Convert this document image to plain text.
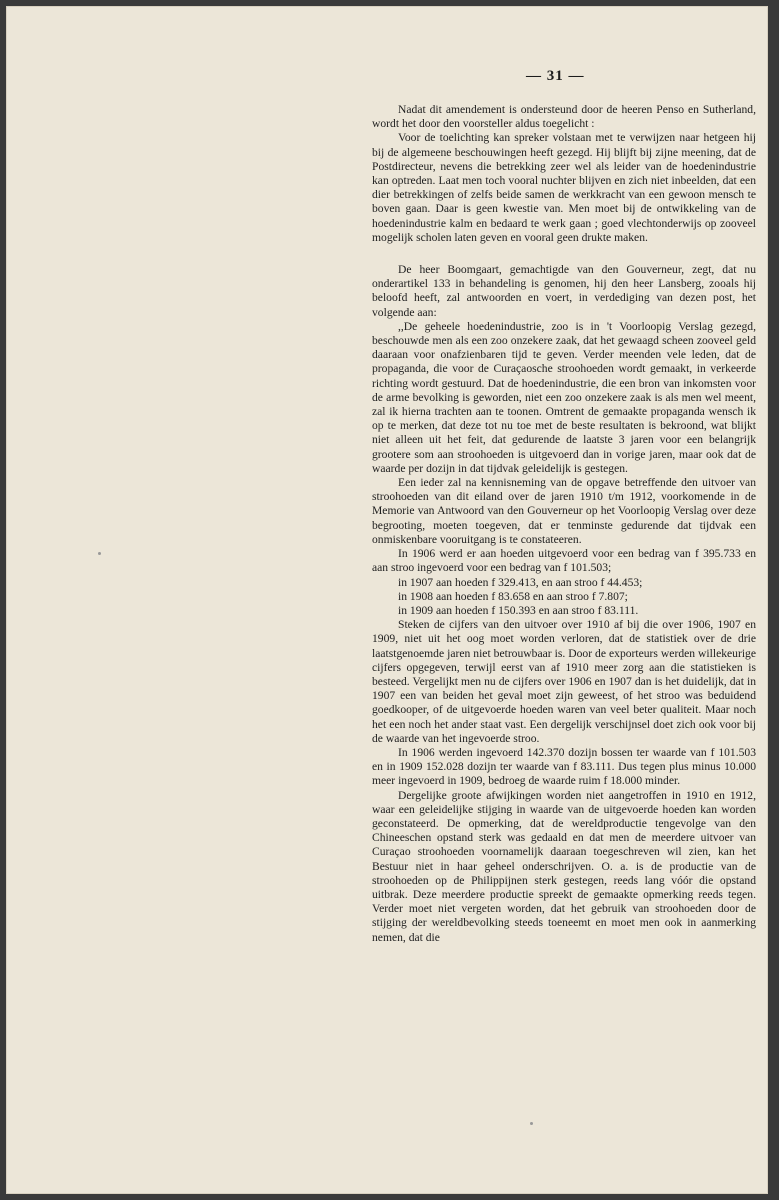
— 31 —

Nadat dit amendement is ondersteund door de heeren Penso en Sutherland, wordt het door den voorsteller aldus toegelicht :

Voor de toelichting kan spreker volstaan met te verwijzen naar hetgeen hij bij de algemeene beschouwingen heeft gezegd. Hij blijft bij zijne meening, dat de Postdirecteur, nevens die betrekking zeer wel als leider van de hoedenindustrie kan optreden. Laat men toch vooral nuchter blijven en zich niet inbeelden, dat een dier betrekkingen of zelfs beide samen de werkkracht van een gewoon mensch te boven gaan. Daar is geen kwestie van. Men moet bij de ontwikkeling van de hoedenindustrie kalm en bedaard te werk gaan ; goed vlechtonderwijs op zooveel mogelijk scholen laten geven en vooral geen drukte maken.

De heer Boomgaart, gemachtigde van den Gouverneur, zegt, dat nu onderartikel 133 in behandeling is genomen, hij den heer Lansberg, zooals hij beloofd heeft, zal antwoorden en voert, in verdediging van dezen post, het volgende aan:

,,De geheele hoedenindustrie, zoo is in 't Voorloopig Verslag gezegd, beschouwde men als een zoo onzekere zaak, dat het gewaagd scheen zooveel geld daaraan voor onafzienbaren tijd te geven. Verder meenden vele leden, dat de propaganda, die voor de Curaçaosche stroohoeden wordt gemaakt, in verkeerde richting wordt gestuurd. Dat de hoedenindustrie, die een bron van inkomsten voor de arme bevolking is geworden, niet een zoo onzekere zaak is als men wel meent, zal ik hierna trachten aan te toonen. Omtrent de gemaakte propaganda wensch ik op te merken, dat deze tot nu toe met de beste resultaten is bekroond, wat blijkt niet alleen uit het feit, dat gedurende de laatste 3 jaren voor een belangrijk grootere som aan stroohoeden is uitgevoerd dan in vorige jaren, maar ook dat de waarde per dozijn in dat tijdvak geleidelijk is gestegen.

Een ieder zal na kennisneming van de opgave betreffende den uitvoer van stroohoeden van dit eiland over de jaren 1910 t/m 1912, voorkomende in de Memorie van Antwoord van den Gouverneur op het Voorloopig Verslag over deze begrooting, moeten toegeven, dat er tenminste gedurende dat tijdvak een onmiskenbare vooruitgang is te constateeren.

In 1906 werd er aan hoeden uitgevoerd voor een bedrag van f 395.733 en aan stroo ingevoerd voor een bedrag van f 101.503;

in 1907 aan hoeden f 329.413, en aan stroo f 44.453;

in 1908 aan hoeden f 83.658 en aan stroo f 7.807;

in 1909 aan hoeden f 150.393 en aan stroo f 83.111.

Steken de cijfers van den uitvoer over 1910 af bij die over 1906, 1907 en 1909, niet uit het oog moet worden verloren, dat de statistiek over de drie laatstgenoemde jaren niet betrouwbaar is. Door de exporteurs werden willekeurige cijfers opgegeven, terwijl eerst van af 1910 meer zorg aan die statistieken is besteed. Vergelijkt men nu de cijfers over 1906 en 1907 dan is het duidelijk, dat in 1907 een van beiden het geval moet zijn geweest, of het stroo was beduidend goedkooper, of de uitgevoerde hoeden waren van veel beter qualiteit. Maar noch het een noch het ander staat vast. Een dergelijk verschijnsel doet zich ook voor bij de waarde van het ingevoerde stroo.

In 1906 werden ingevoerd 142.370 dozijn bossen ter waarde van f 101.503 en in 1909 152.028 dozijn ter waarde van f 83.111. Dus tegen plus minus 10.000 meer ingevoerd in 1909, bedroeg de waarde ruim f 18.000 minder.

Dergelijke groote afwijkingen worden niet aangetroffen in 1910 en 1912, waar een geleidelijke stijging in waarde van de uitgevoerde hoeden kan worden geconstateerd. De opmerking, dat de wereldproductie tengevolge van den Chineeschen opstand sterk was gedaald en dat men de meerdere uitvoer van Curaçao stroohoeden voornamelijk daaraan toegeschreven wil zien, kan het Bestuur niet in haar geheel onderschrijven. O. a. is de productie van de stroohoeden op de Philippijnen sterk gestegen, reeds lang vóór die opstand uitbrak. Deze meerdere productie spreekt de gemaakte opmerking reeds tegen. Verder moet niet vergeten worden, dat het gebruik van stroohoeden door de stijging der wereldbevolking steeds toeneemt en moet men ook in aanmerking nemen, dat die
